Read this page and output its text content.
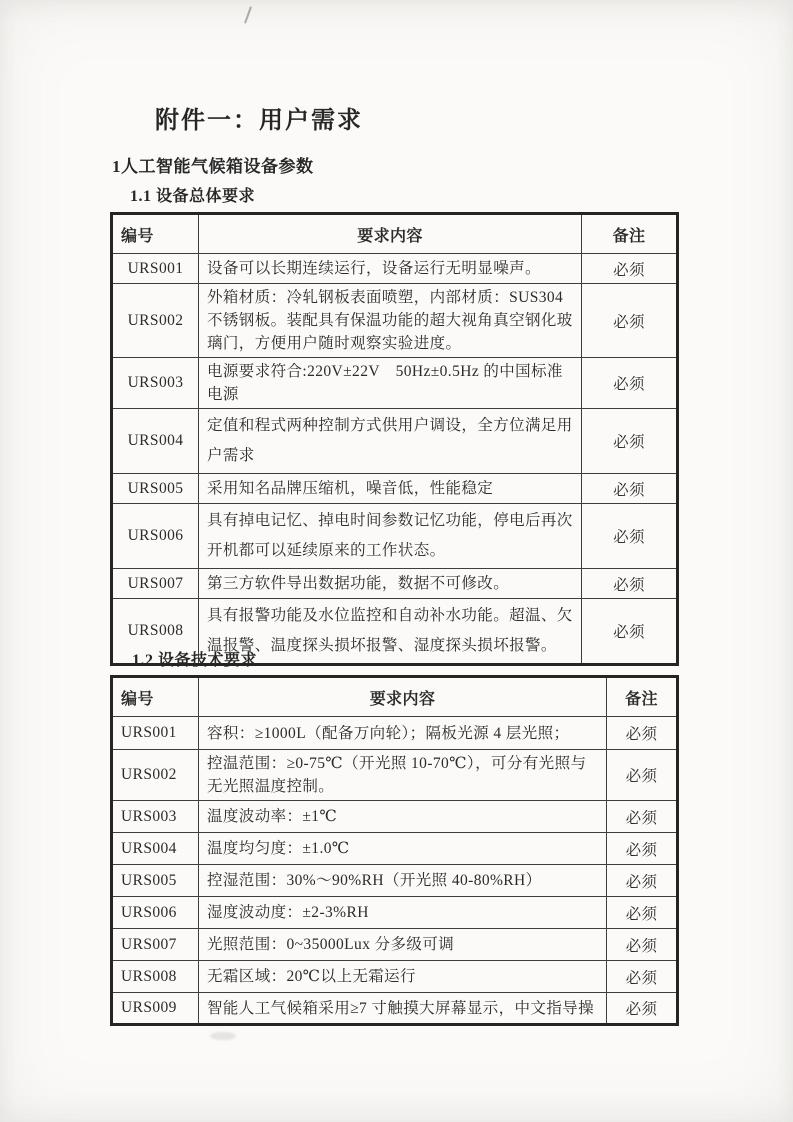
附件一：用户需求
1人工智能气候箱设备参数
1.1 设备总体要求
编号	要求内容	备注
URS001	设备可以长期连续运行，设备运行无明显噪声。	必须
URS002	外箱材质：冷轧钢板表面喷塑，内部材质：SUS304不锈钢板。装配具有保温功能的超大视角真空钢化玻璃门，方便用户随时观察实验进度。	必须
URS003	电源要求符合:220V±22V　50Hz±0.5Hz 的中国标准电源	必须
URS004	定值和程式两种控制方式供用户调设，全方位满足用户需求	必须
URS005	采用知名品牌压缩机，噪音低，性能稳定	必须
URS006	具有掉电记忆、掉电时间参数记忆功能，停电后再次开机都可以延续原来的工作状态。	必须
URS007	第三方软件导出数据功能，数据不可修改。	必须
URS008	具有报警功能及水位监控和自动补水功能。超温、欠温报警、温度探头损坏报警、湿度探头损坏报警。	必须
1.2 设备技术要求
编号	要求内容	备注
URS001	容积：≥1000L（配备万向轮）；隔板光源 4 层光照；	必须
URS002	控温范围：≥0-75℃（开光照 10-70℃），可分有光照与无光照温度控制。	必须
URS003	温度波动率：±1℃	必须
URS004	温度均匀度：±1.0℃	必须
URS005	控湿范围：30%～90%RH（开光照 40-80%RH）	必须
URS006	湿度波动度：±2-3%RH	必须
URS007	光照范围：0~35000Lux 分多级可调	必须
URS008	无霜区域：20℃以上无霜运行	必须
URS009	智能人工气候箱采用≥7 寸触摸大屏幕显示，中文指导操	必须
